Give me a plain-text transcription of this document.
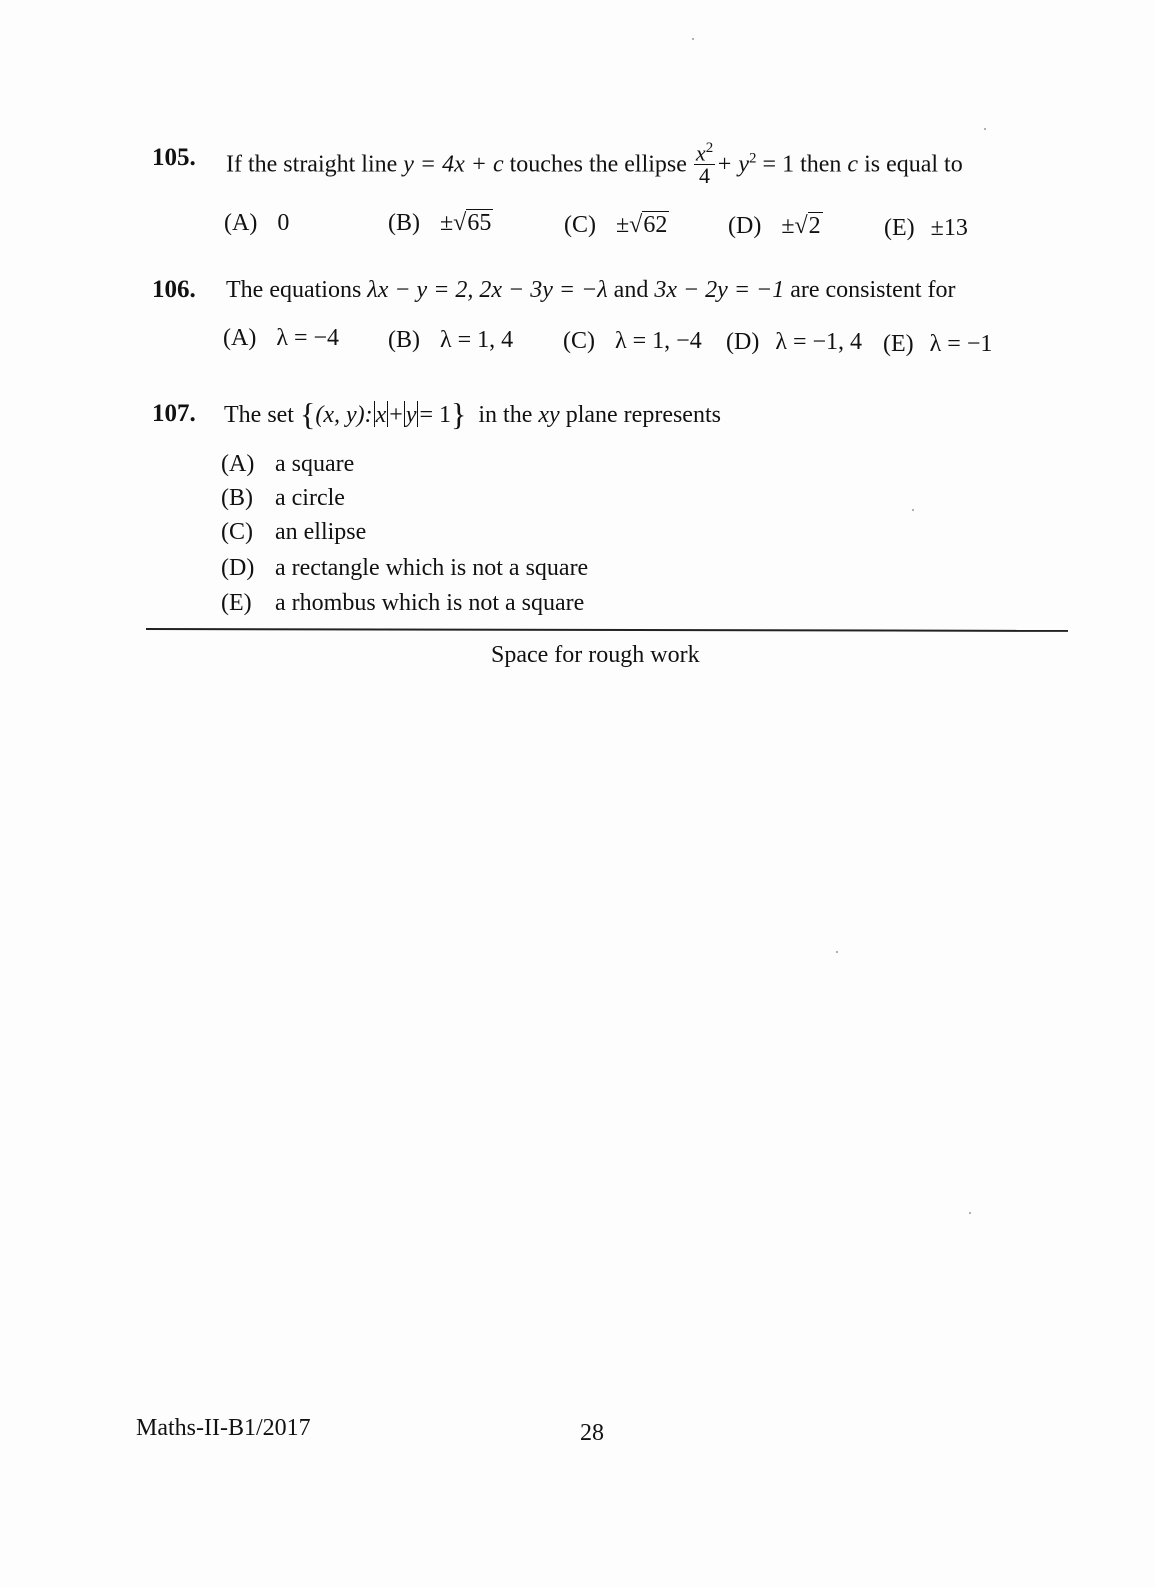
105. If the straight line y = 4x + c touches the ellipse $\frac{x^2}{4} + y^2 = 1$ then c is equal to
(A) 0	(B) ±√65	(C) ±√62	(D) ±√2	(E) ±13
106. The equations λx − y = 2, 2x − 3y = −λ and 3x − 2y = −1 are consistent for
(A) λ = −4 (B) λ = 1, 4 (C) λ = 1, −4 (D) λ = −1, 4 (E) λ = −1
107. The set {(x, y): x + y = 1} in the xy plane represents
(A) a square
(B) a circle
(C) an ellipse
(D) a rectangle which is not a square
(E) a rhombus which is not a square
Space for rough work
Maths-II-B1/2017	28
